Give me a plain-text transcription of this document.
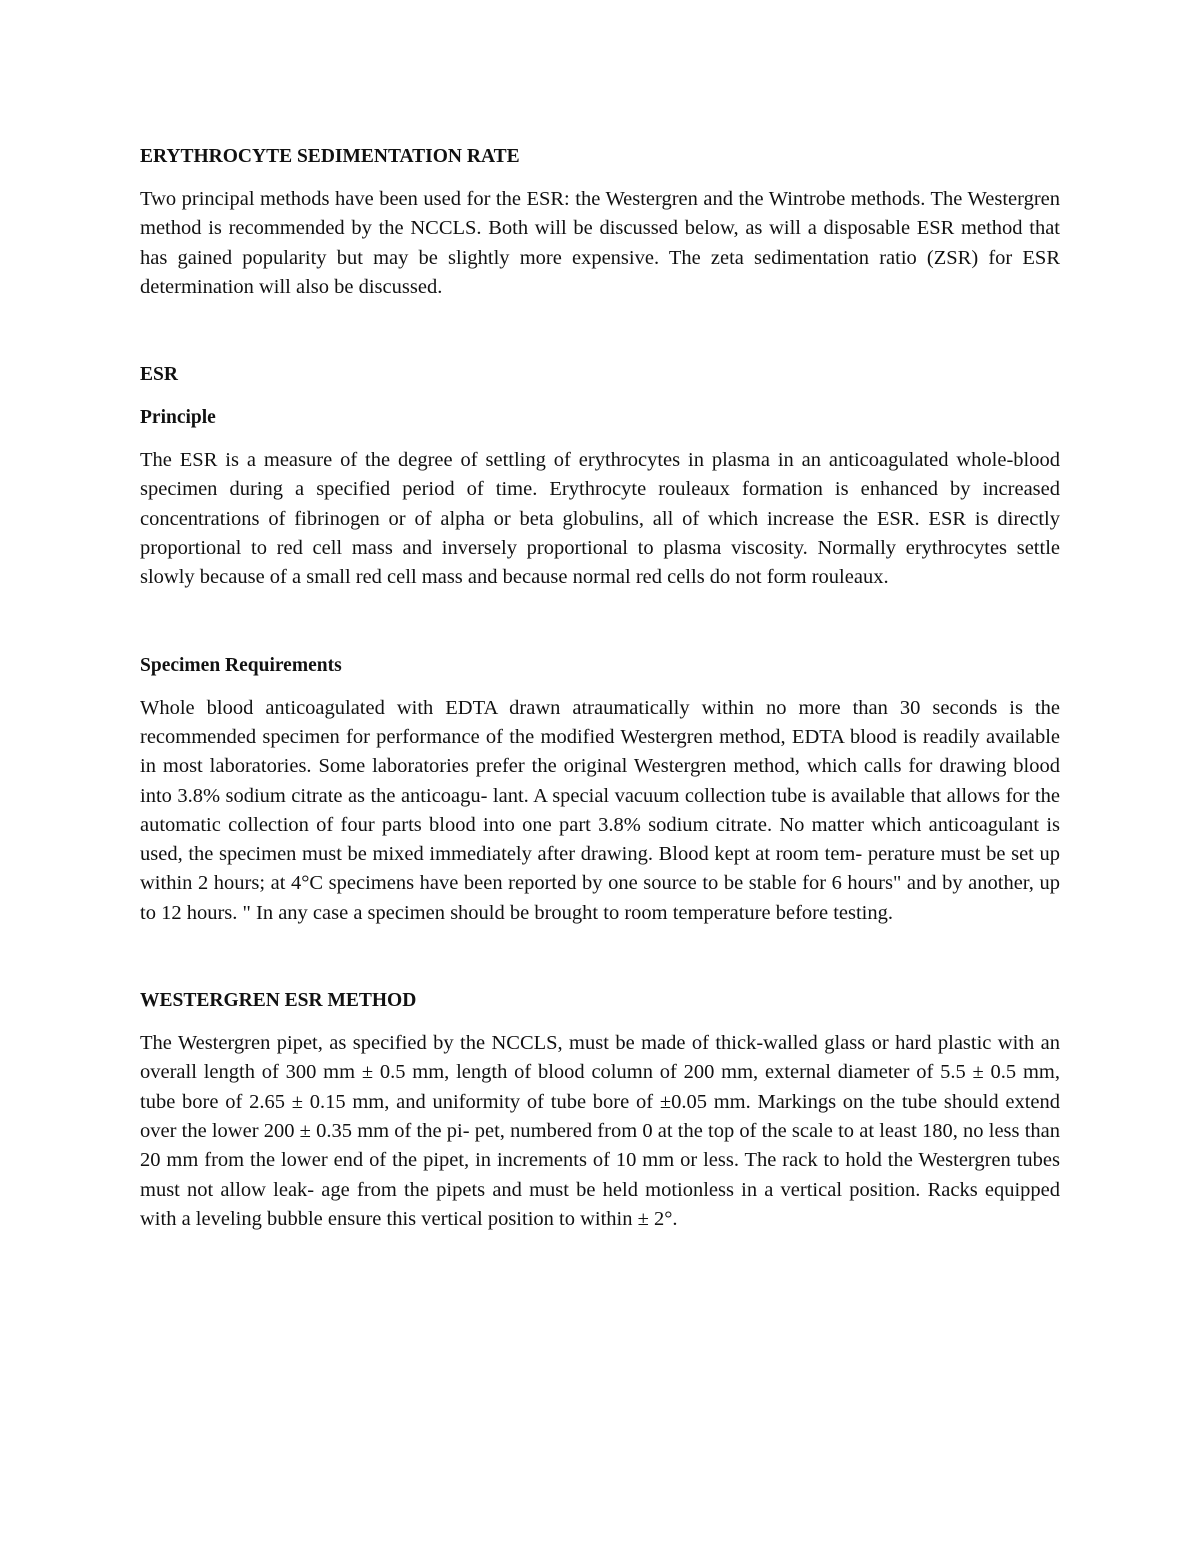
ERYTHROCYTE SEDIMENTATION RATE

Two principal methods have been used for the ESR: the Westergren and the Wintrobe methods. The Westergren method is recommended by the NCCLS. Both will be discussed below, as will a disposable ESR method that has gained popularity but may be slightly more expensive. The zeta sedimentation ratio (ZSR) for ESR determination will also be discussed.

ESR
Principle

The ESR is a measure of the degree of settling of erythrocytes in plasma in an anticoagulated whole-blood specimen during a specified period of time. Erythrocyte rouleaux formation is enhanced by increased concentrations of fibrinogen or of alpha or beta globulins, all of which increase the ESR. ESR is directly proportional to red cell mass and inversely proportional to plasma viscosity. Normally erythrocytes settle slowly because of a small red cell mass and because normal red cells do not form rouleaux.

Specimen Requirements

Whole blood anticoagulated with EDTA drawn atraumatically within no more than 30 seconds is the recommended specimen for performance of the modified Westergren method, EDTA blood is readily available in most laboratories. Some laboratories prefer the original Westergren method, which calls for drawing blood into 3.8% sodium citrate as the anticoagu- lant. A special vacuum collection tube is available that allows for the automatic collection of four parts blood into one part 3.8% sodium citrate. No matter which anticoagulant is used, the specimen must be mixed immediately after drawing. Blood kept at room tem- perature must be set up within 2 hours; at 4°C specimens have been reported by one source to be stable for 6 hours" and by another, up to 12 hours. " In any case a specimen should be brought to room temperature before testing.

WESTERGREN ESR METHOD

The Westergren pipet, as specified by the NCCLS, must be made of thick-walled glass or hard plastic with an overall length of 300 mm ± 0.5 mm, length of blood column of 200 mm, external diameter of 5.5 ± 0.5 mm, tube bore of 2.65 ± 0.15 mm, and uniformity of tube bore of ±0.05 mm. Markings on the tube should extend over the lower 200 ± 0.35 mm of the pi- pet, numbered from 0 at the top of the scale to at least 180, no less than 20 mm from the lower end of the pipet, in increments of 10 mm or less. The rack to hold the Westergren tubes must not allow leak- age from the pipets and must be held motionless in a vertical position. Racks equipped with a leveling bubble ensure this vertical position to within ± 2°.
